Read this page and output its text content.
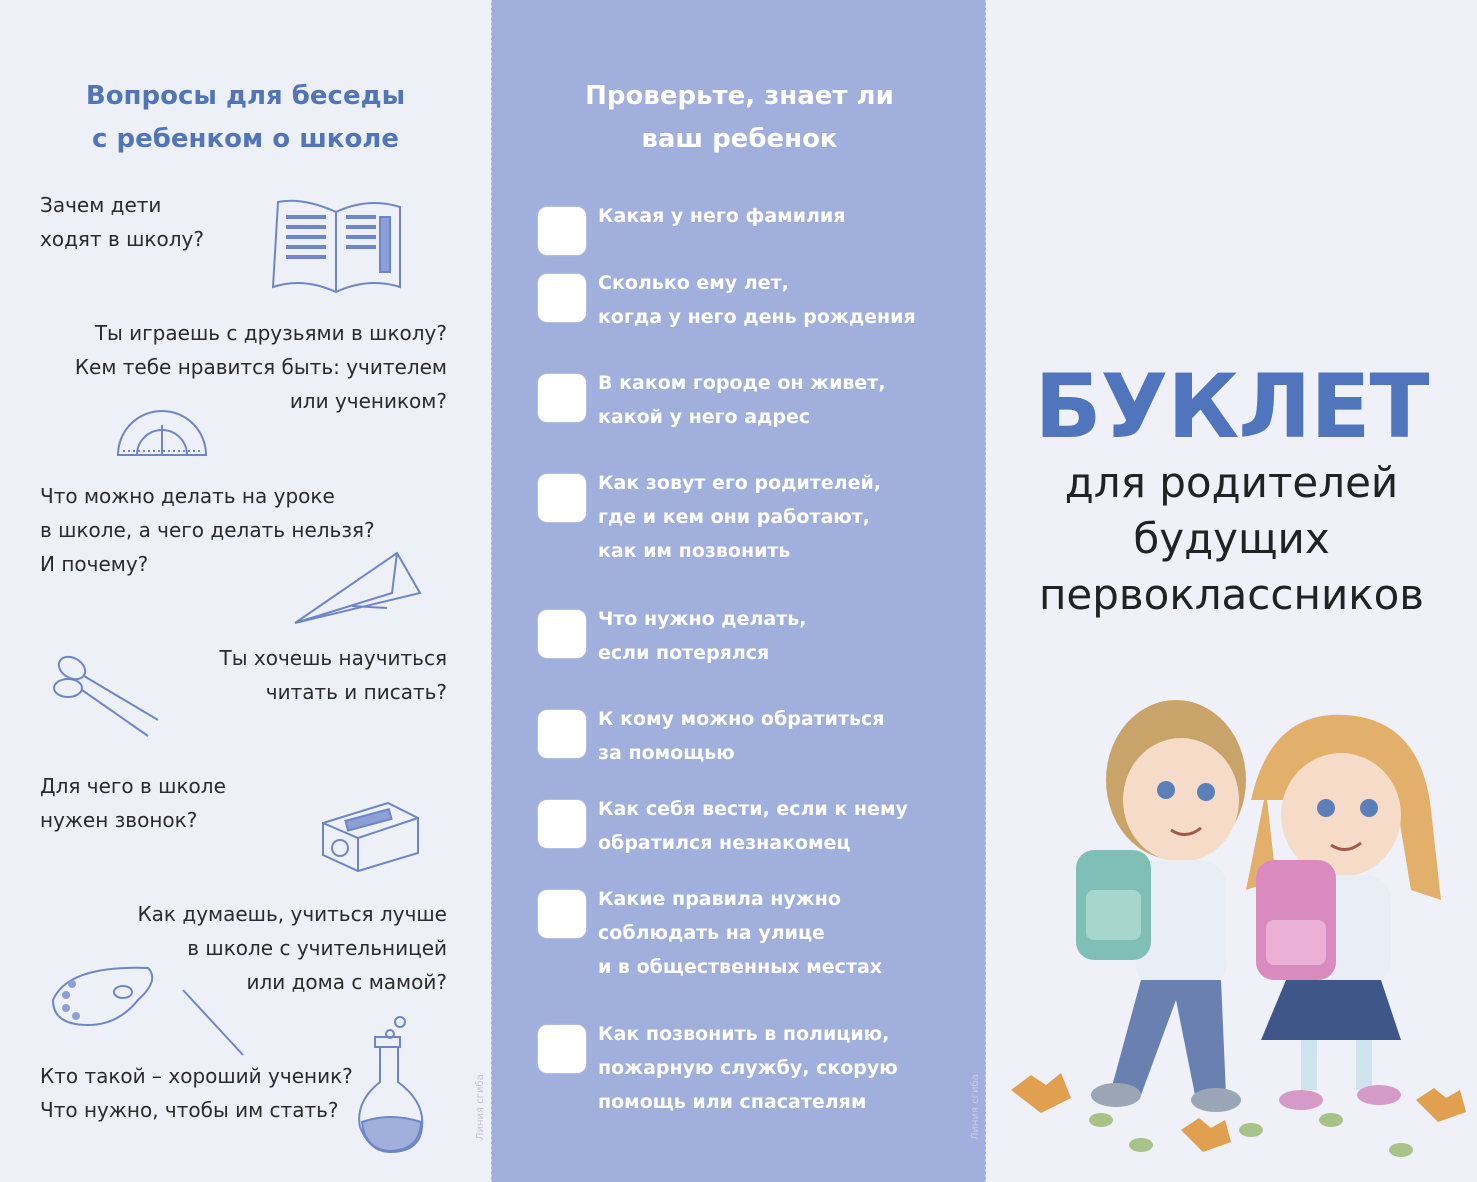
Вопросы для беседы
с ребенком о школе
Зачем дети
ходят в школу?
Ты играешь с друзьями в школу?
Кем тебе нравится быть: учителем
или учеником?
Что можно делать на уроке
в школе, а чего делать нельзя?
И почему?
Ты хочешь научиться
читать и писать?
Для чего в школе
нужен звонок?
Как думаешь, учиться лучше
в школе с учительницей
или дома с мамой?
Кто такой – хороший ученик?
Что нужно, чтобы им стать?	Линия сгиба
Проверьте, знает ли
ваш ребенок
Какая у него фамилия
Сколько ему лет,
когда у него день рождения
В каком городе он живет,
какой у него адрес
Как зовут его родителей,
где и кем они работают,
как им позвонить
Что нужно делать,
если потерялся
К кому можно обратиться
за помощью
Как себя вести, если к нему
обратился незнакомец
Какие правила нужно
соблюдать на улице
и в общественных местах
Как позвонить в полицию,
пожарную службу, скорую
помощь или спасателям	Линия сгиба
БУКЛЕТ
для родителей
будущих
первоклассников
